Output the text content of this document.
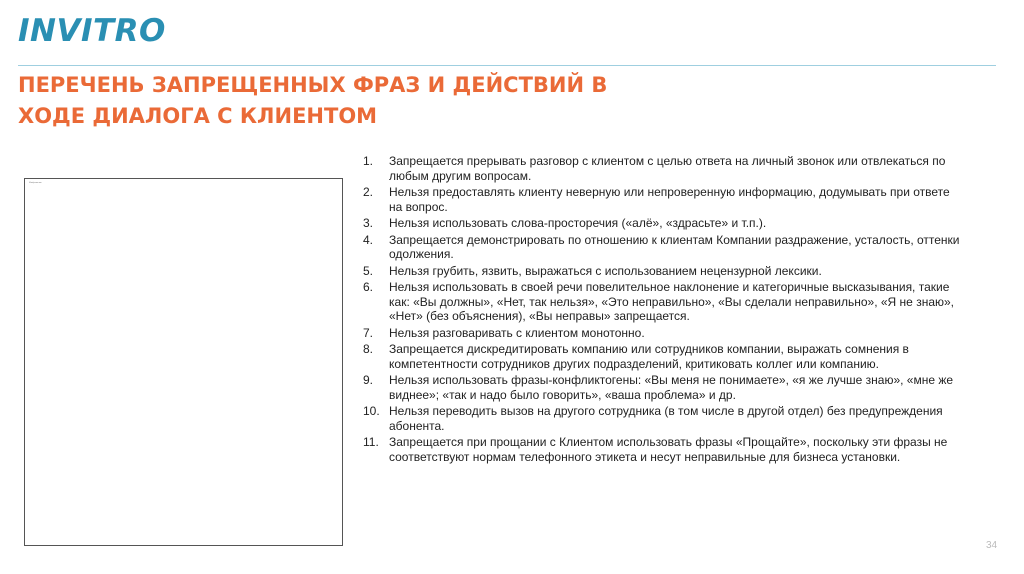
INVITRO
ПЕРЕЧЕНЬ ЗАПРЕЩЕННЫХ ФРАЗ И ДЕЙСТВИЙ В
ХОДЕ ДИАЛОГА С КЛИЕНТОМ
Изображение
1. Запрещается прерывать разговор с клиентом с целью ответа на личный звонок или отвлекаться по любым другим вопросам.
2. Нельзя предоставлять клиенту неверную или непроверенную информацию, додумывать при ответе на вопрос.
3. Нельзя использовать слова-просторечия («алё», «здрасьте» и т.п.).
4. Запрещается демонстрировать по отношению к клиентам Компании раздражение, усталость, оттенки одолжения.
5. Нельзя грубить, язвить, выражаться с использованием нецензурной лексики.
6. Нельзя использовать в своей речи повелительное наклонение и категоричные высказывания, такие как: «Вы должны», «Нет, так нельзя», «Это неправильно», «Вы сделали неправильно», «Я не знаю», «Нет» (без объяснения), «Вы неправы» запрещается.
7. Нельзя разговаривать с клиентом монотонно.
8. Запрещается дискредитировать компанию или сотрудников компании, выражать сомнения в компетентности сотрудников других подразделений, критиковать коллег или компанию.
9. Нельзя использовать фразы-конфликтогены: «Вы меня не понимаете», «я же лучше знаю», «мне же виднее»; «так и надо было говорить», «ваша проблема» и др.
10. Нельзя переводить вызов на другого сотрудника (в том числе в другой отдел) без предупреждения абонента.
11. Запрещается при прощании с Клиентом использовать фразы «Прощайте», поскольку эти фразы не соответствуют нормам телефонного этикета и несут неправильные для бизнеса установки.
34
